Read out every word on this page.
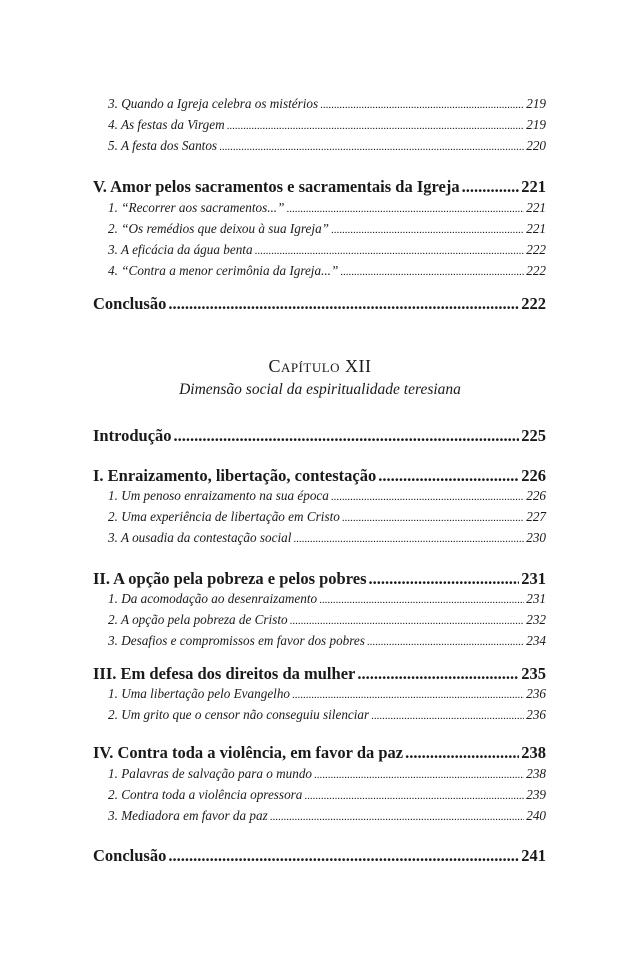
3. Quando a Igreja celebra os mistérios .....	219
4. As festas da Virgem .....	219
5. A festa dos Santos .....	220
V. Amor pelos sacramentos e sacramentais da Igreja .....	221
1. “Recorrer aos sacramentos...” .....	221
2. “Os remédios que deixou à sua Igreja” .....	221
3. A eficácia da água benta .....	222
4. “Contra a menor cerimônia da Igreja...” .....	222
Conclusão .....	222
Capítulo XII
Dimensão social da espiritualidade teresiana
Introdução .....	225
I. Enraizamento, libertação, contestação .....	226
1. Um penoso enraizamento na sua época .....	226
2. Uma experiência de libertação em Cristo .....	227
3. A ousadia da contestação social .....	230
II. A opção pela pobreza e pelos pobres .....	231
1. Da acomodação ao desenraizamento .....	231
2. A opção pela pobreza de Cristo .....	232
3. Desafios e compromissos em favor dos pobres .....	234
III. Em defesa dos direitos da mulher .....	235
1. Uma libertação pelo Evangelho .....	236
2. Um grito que o censor não conseguiu silenciar .....	236
IV. Contra toda a violência, em favor da paz .....	238
1. Palavras de salvação para o mundo .....	238
2. Contra toda a violência opressora .....	239
3. Mediadora em favor da paz .....	240
Conclusão .....	241
